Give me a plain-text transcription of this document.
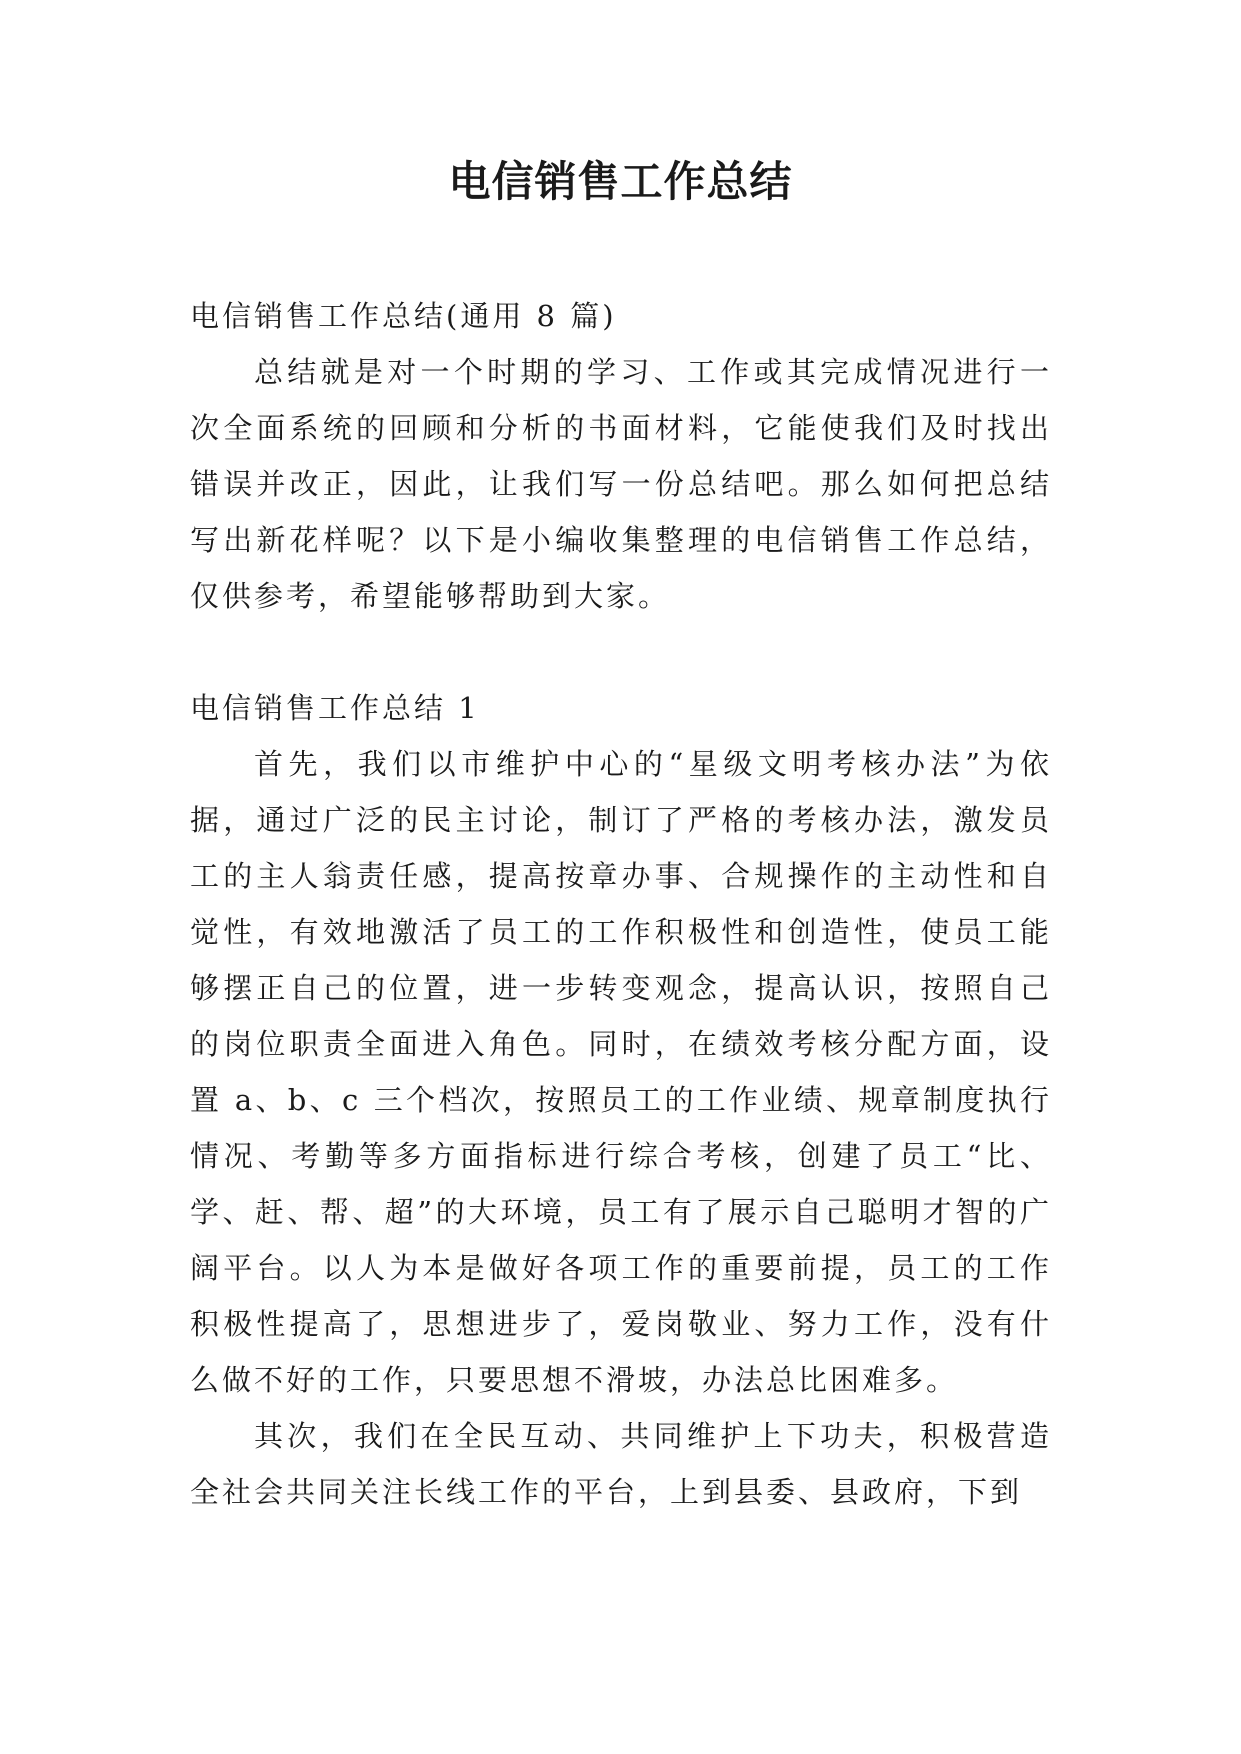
电信销售工作总结

电信销售工作总结(通用 8 篇)

总结就是对一个时期的学习、工作或其完成情况进行一次全面系统的回顾和分析的书面材料，它能使我们及时找出错误并改正，因此，让我们写一份总结吧。那么如何把总结写出新花样呢？以下是小编收集整理的电信销售工作总结，仅供参考，希望能够帮助到大家。

电信销售工作总结 1

首先，我们以市维护中心的“星级文明考核办法”为依据，通过广泛的民主讨论，制订了严格的考核办法，激发员工的主人翁责任感，提高按章办事、合规操作的主动性和自觉性，有效地激活了员工的工作积极性和创造性，使员工能够摆正自己的位置，进一步转变观念，提高认识，按照自己的岗位职责全面进入角色。同时，在绩效考核分配方面，设置 a、b、c 三个档次，按照员工的工作业绩、规章制度执行情况、考勤等多方面指标进行综合考核，创建了员工“比、学、赶、帮、超”的大环境，员工有了展示自己聪明才智的广阔平台。以人为本是做好各项工作的重要前提，员工的工作积极性提高了，思想进步了，爱岗敬业、努力工作，没有什么做不好的工作，只要思想不滑坡，办法总比困难多。

其次，我们在全民互动、共同维护上下功夫，积极营造全社会共同关注长线工作的平台，上到县委、县政府，下到
